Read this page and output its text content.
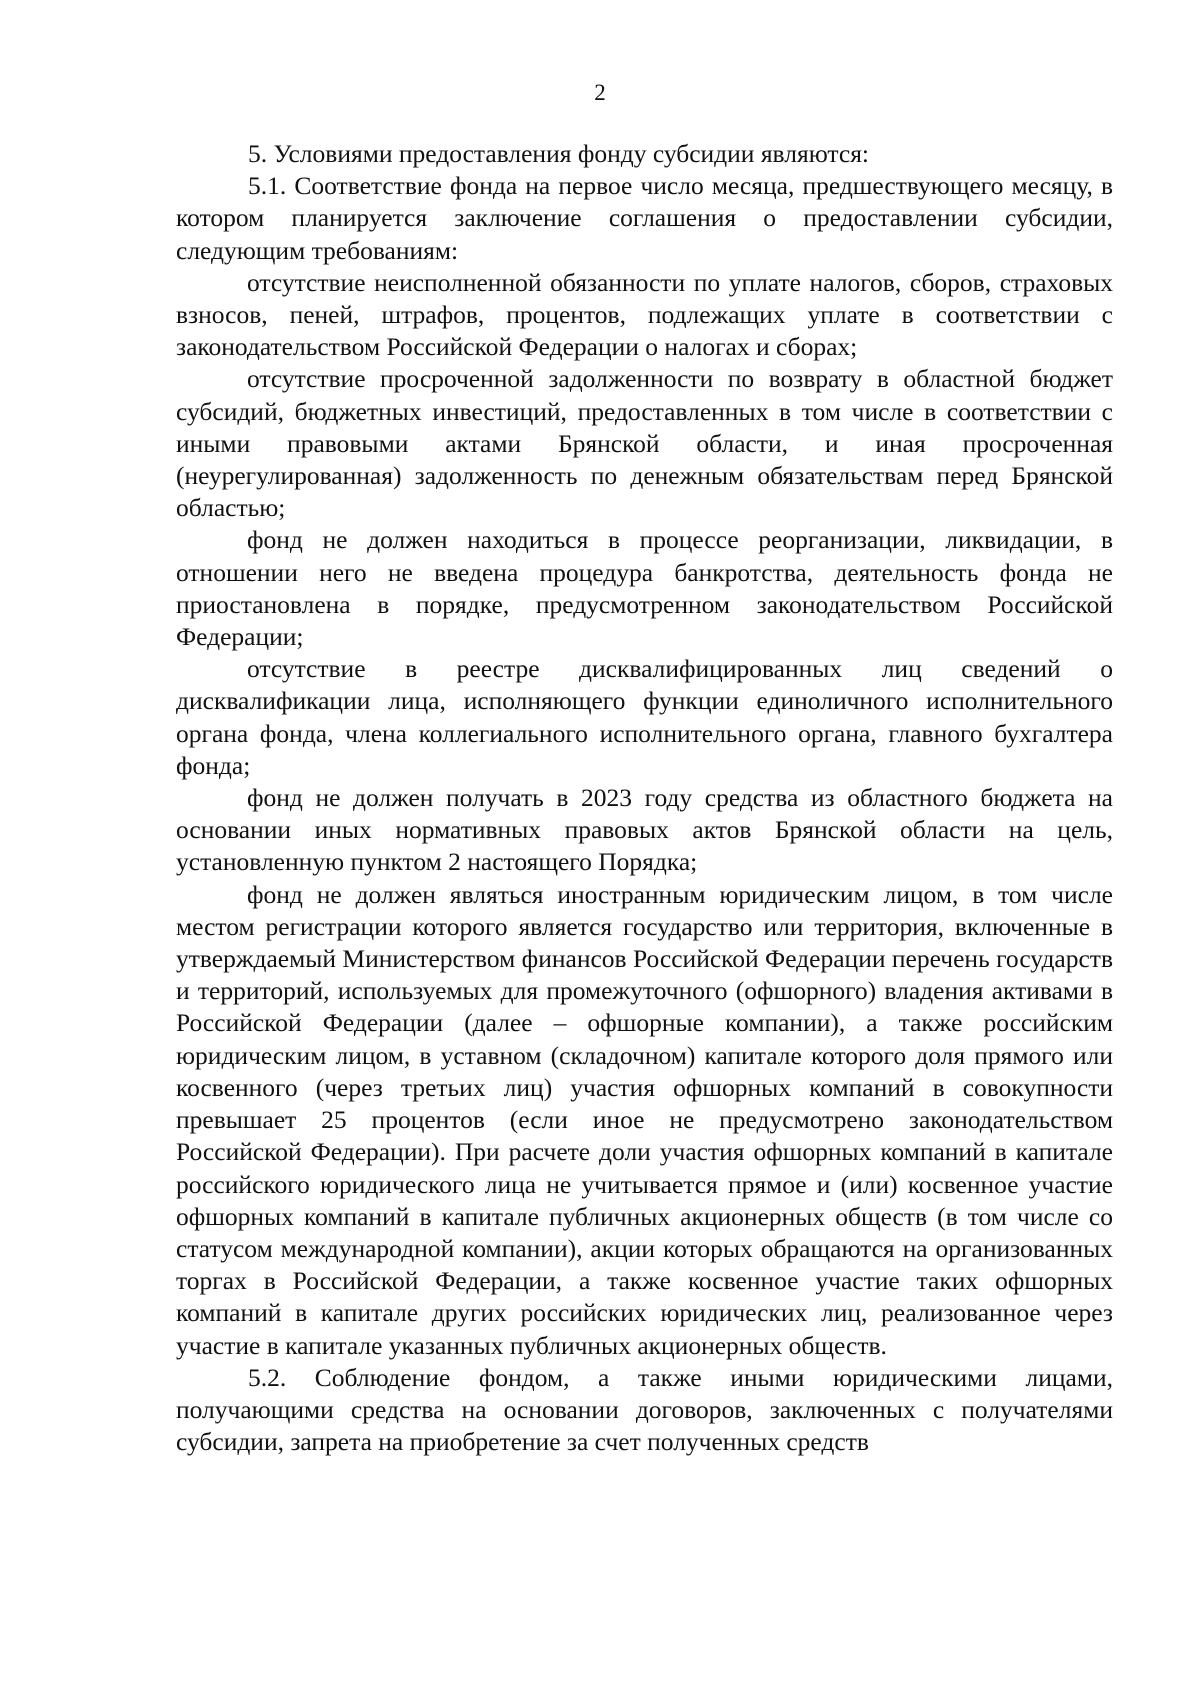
2

5. Условиями предоставления фонду субсидии являются:

5.1. Соответствие фонда на первое число месяца, предшествующего месяцу, в котором планируется заключение соглашения о предоставлении субсидии, следующим требованиям:

отсутствие неисполненной обязанности по уплате налогов, сборов, страховых взносов, пеней, штрафов, процентов, подлежащих уплате в соответствии с законодательством Российской Федерации о налогах и сборах;

отсутствие просроченной задолженности по возврату в областной бюджет субсидий, бюджетных инвестиций, предоставленных в том числе в соответствии с иными правовыми актами Брянской области, и иная просроченная (неурегулированная) задолженность по денежным обязательствам перед Брянской областью;

фонд не должен находиться в процессе реорганизации, ликвидации, в отношении него не введена процедура банкротства, деятельность фонда не приостановлена в порядке, предусмотренном законодательством Российской Федерации;

отсутствие в реестре дисквалифицированных лиц сведений о дисквалификации лица, исполняющего функции единоличного исполнительного органа фонда, члена коллегиального исполнительного органа, главного бухгалтера фонда;

фонд не должен получать в 2023 году средства из областного бюджета на основании иных нормативных правовых актов Брянской области на цель, установленную пунктом 2 настоящего Порядка;

фонд не должен являться иностранным юридическим лицом, в том числе местом регистрации которого является государство или территория, включенные в утверждаемый Министерством финансов Российской Федерации перечень государств и территорий, используемых для промежуточного (офшорного) владения активами в Российской Федерации (далее – офшорные компании), а также российским юридическим лицом, в уставном (складочном) капитале которого доля прямого или косвенного (через третьих лиц) участия офшорных компаний в совокупности превышает 25 процентов (если иное не предусмотрено законодательством Российской Федерации). При расчете доли участия офшорных компаний в капитале российского юридического лица не учитывается прямое и (или) косвенное участие офшорных компаний в капитале публичных акционерных обществ (в том числе со статусом международной компании), акции которых обращаются на организованных торгах в Российской Федерации, а также косвенное участие таких офшорных компаний в капитале других российских юридических лиц, реализованное через участие в капитале указанных публичных акционерных обществ.

5.2. Соблюдение фондом, а также иными юридическими лицами, получающими средства на основании договоров, заключенных с получателями субсидии, запрета на приобретение за счет полученных средств
